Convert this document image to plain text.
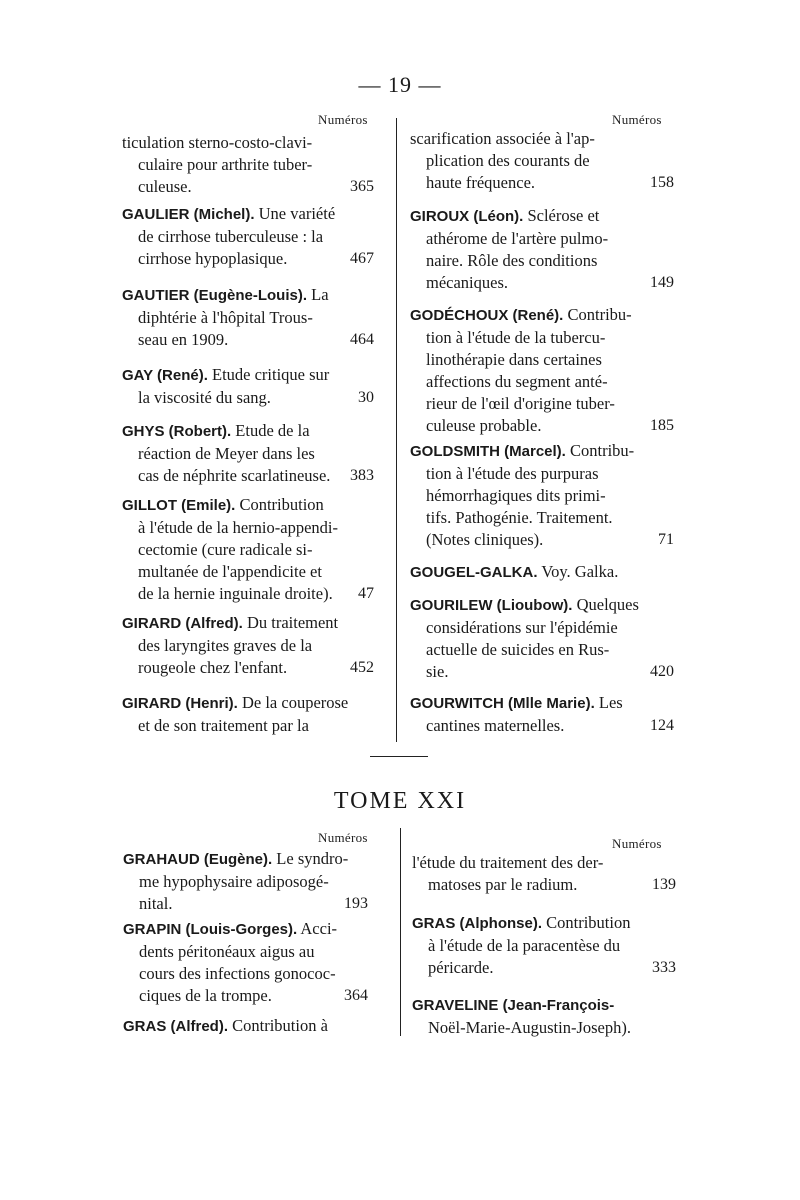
— 19 —
Numéros	Numéros
ticulation sterno-costo-clavi-
culaire pour arthrite tuber-
culeuse.	365
GAULIER (Michel). Une variété
de cirrhose tuberculeuse : la
cirrhose hypoplasique.	467
GAUTIER (Eugène-Louis). La
diphtérie à l'hôpital Trous-
seau en 1909.	464
GAY (René). Etude critique sur
la viscosité du sang.	30
GHYS (Robert). Etude de la
réaction de Meyer dans les
cas de néphrite scarlatineuse. 383
GILLOT (Emile). Contribution
à l'étude de la hernio-appendi-
cectomie (cure radicale si-
multanée de l'appendicite et
de la hernie inguinale droite). 47
GIRARD (Alfred). Du traitement
des laryngites graves de la
rougeole chez l'enfant.	452
GIRARD (Henri). De la couperose
et de son traitement par la
scarification associée à l'ap-
plication des courants de
haute fréquence.	158
GIROUX (Léon). Sclérose et
athérome de l'artère pulmo-
naire. Rôle des conditions
mécaniques.	149
GODÉCHOUX (René). Contribu-
tion à l'étude de la tubercu-
linothérapie dans certaines
affections du segment anté-
rieur de l'œil d'origine tuber-
culeuse probable.	185
GOLDSMITH (Marcel). Contribu-
tion à l'étude des purpuras
hémorrhagiques dits primi-
tifs. Pathogénie. Traitement.
(Notes cliniques).	71
GOUGEL-GALKA. Voy. Galka.
GOURILEW (Lioubow). Quelques
considérations sur l'épidémie
actuelle de suicides en Rus-
sie.	420
GOURWITCH (Mlle Marie). Les
cantines maternelles.	124
TOME XXI
Numéros	Numéros
GRAHAUD (Eugène). Le syndro-
me hypophysaire adiposogé-
nital.	193
GRAPIN (Louis-Gorges). Acci-
dents péritonéaux aigus au
cours des infections gonococ-
ciques de la trompe.	364
GRAS (Alfred). Contribution à
l'étude du traitement des der-
matoses par le radium.	139
GRAS (Alphonse). Contribution
à l'étude de la paracentèse du
péricarde.	333
GRAVELINE (Jean-François-
Noël-Marie-Augustin-Joseph).
